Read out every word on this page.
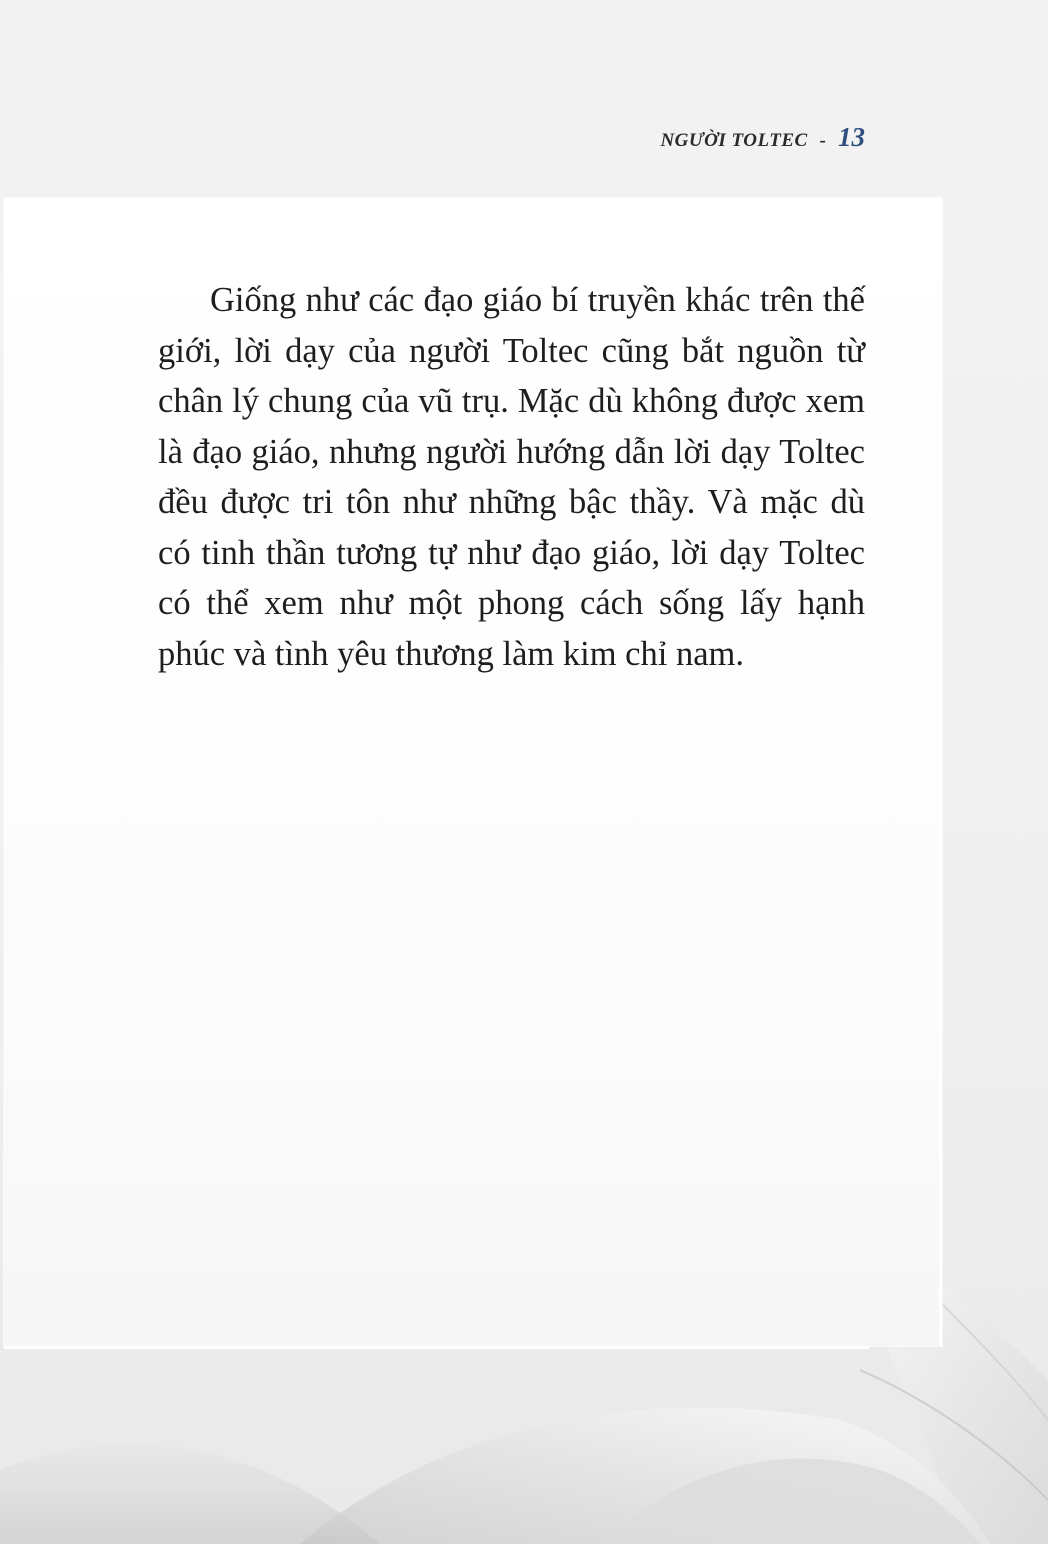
NGƯỜI TOLTEC - 13

Giống như các đạo giáo bí truyền khác trên thế giới, lời dạy của người Toltec cũng bắt nguồn từ chân lý chung của vũ trụ. Mặc dù không được xem là đạo giáo, nhưng người hướng dẫn lời dạy Toltec đều được tri tôn như những bậc thầy. Và mặc dù có tinh thần tương tự như đạo giáo, lời dạy Toltec có thể xem như một phong cách sống lấy hạnh phúc và tình yêu thương làm kim chỉ nam.
